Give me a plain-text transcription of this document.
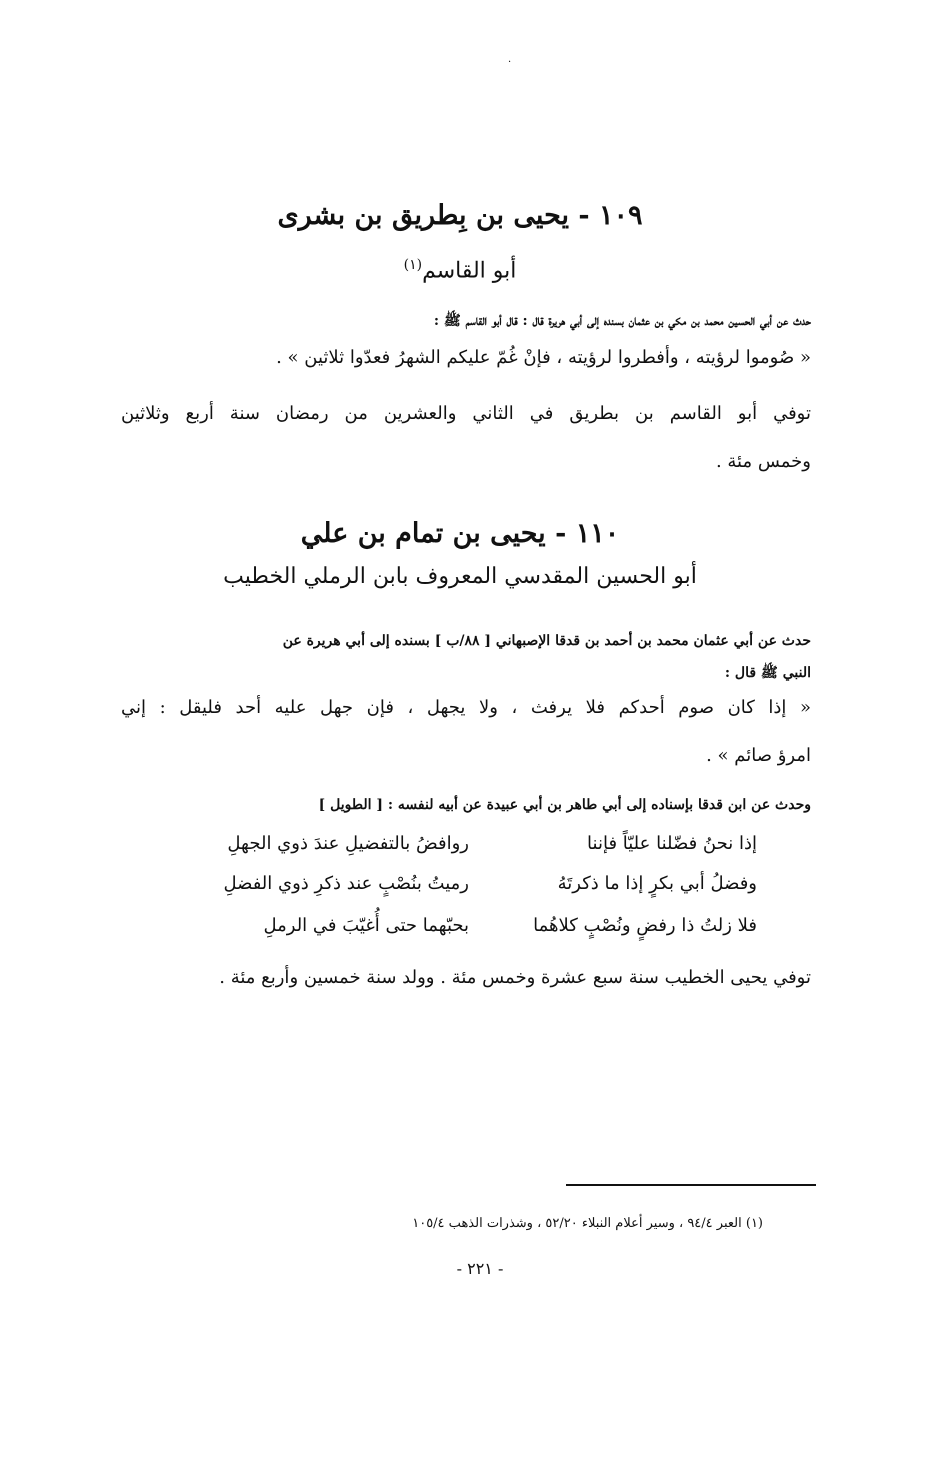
·
١٠٩ - يحيى بن بِطريق بن بشرى
أبو القاسم$^{(١)}$
حدث عن أبي الحسين محمد بن مكي بن عثمان بسنده إلى أبي هريرة قال : قال أبو القاسم ﷺ :
« صُوموا لرؤيته ، وأفطروا لرؤيته ، فإنْ غُمّ عليكم الشهرُ فعدّوا ثلاثين » .
توفي أبو القاسم بن بطريق في الثاني والعشرين من رمضان سنة أربع وثلاثين
وخمس مئة .
١١٠ - يحيى بن تمام بن علي
أبو الحسين المقدسي المعروف بابن الرملي الخطيب
حدث عن أبي عثمان محمد بن أحمد بن قدقا الإصبهاني [ ٨٨/ب ] بسنده إلى أبي هريرة عن
النبي ﷺ قال :
« إذا كان صوم أحدكم فلا يرفث ، ولا يجهل ، فإن جهل عليه أحد فليقل : إني
امرؤ صائم » .
وحدث عن ابن قدقا بإسناده إلى أبي طاهر بن أبي عبيدة عن أبيه لنفسه : [ الطويل ]
إذا نحنُ فضّلنا عليّاً فإننا
روافضُ بالتفضيلِ عندَ ذوي الجهلِ
وفضلُ أبي بكرٍ إذا ما ذكرتَهُ
رميتُ بنُصْبٍ عند ذكرِ ذوي الفضلِ
فلا زلتُ ذا رفضٍ ونُصْبٍ كلاهُما
بحبّهما حتى أُغيّبَ في الرملِ
توفي يحيى الخطيب سنة سبع عشرة وخمس مئة . وولد سنة خمسين وأربع مئة .
(١) العبر ٩٤/٤ ، وسير أعلام النبلاء ٥٢/٢٠ ، وشذرات الذهب ١٠٥/٤
- ٢٢١ -
